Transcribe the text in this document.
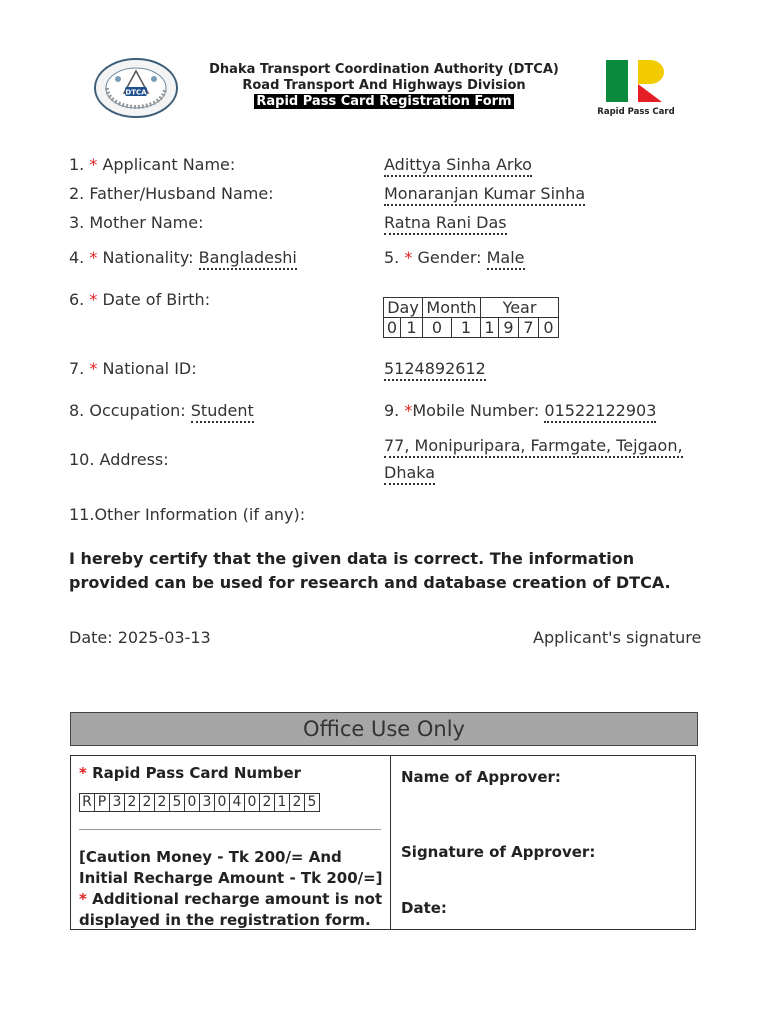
DTCA
Dhaka Transport Coordination Authority (DTCA)
Road Transport And Highways Division
Rapid Pass Card Registration Form
Rapid Pass Card
1. * Applicant Name:	Adittya Sinha Arko
2. Father/Husband Name:	Monaranjan Kumar Sinha
3. Mother Name:	Ratna Rani Das
4. * Nationality: Bangladeshi	5. * Gender: Male
6. * Date of Birth:	Day		Month		Year			
0	1	0	1	1	9	7	0
7. * National ID:	5124892612
8. Occupation: Student	9. *Mobile Number: 01522122903
10. Address:
77, Monipuripara, Farmgate, Tejgaon,
Dhaka
11.Other Information (if any):
I hereby certify that the given data is correct. The information provided can be used for research and database creation of DTCA.
Date: 2025-03-13	Applicant's signature
Office Use Only
* Rapid Pass Card Number
R	P	3	2	2	2	5	0	3	0	4	0	2	1	2	5
[Caution Money - Tk 200/= And Initial Recharge Amount - Tk 200/=]
* Additional recharge amount is not displayed in the registration form.
Name of Approver:
Signature of Approver:
Date:
